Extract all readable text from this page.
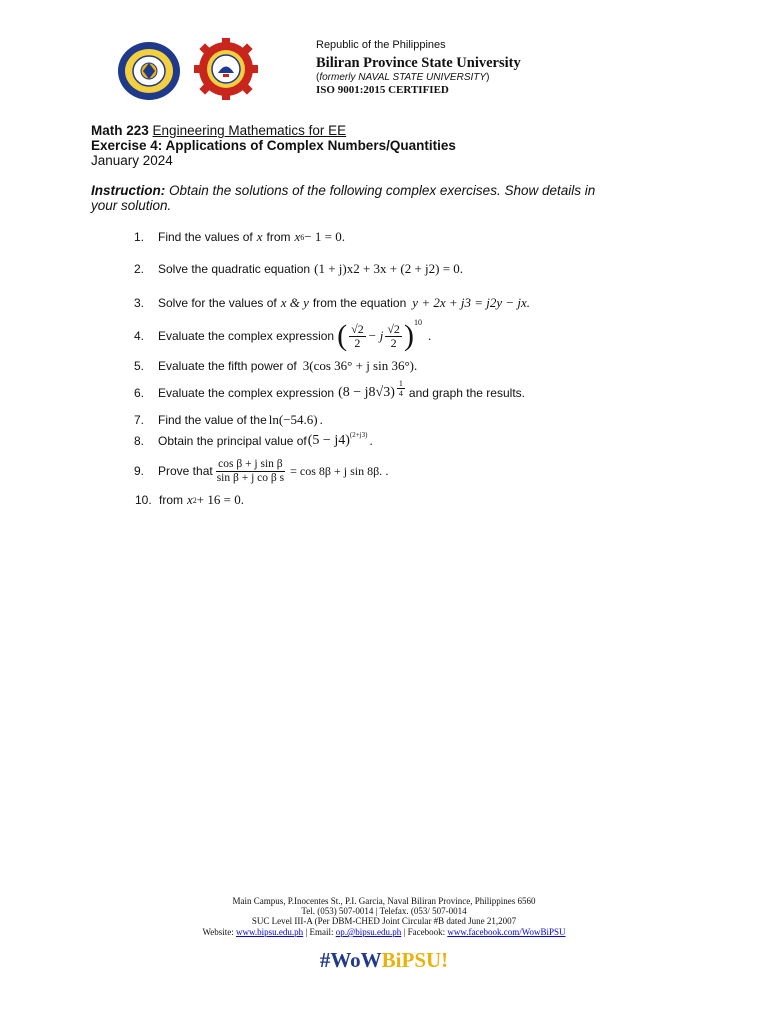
Republic of the Philippines
Biliran Province State University
(formerly NAVAL STATE UNIVERSITY)
ISO 9001:2015 CERTIFIED
Math 223 Engineering Mathematics for EE
Exercise 4: Applications of Complex Numbers/Quantities
January 2024
Instruction: Obtain the solutions of the following complex exercises. Show details in
your solution.
1.	Find the values of x from x 6 − 1 = 0.
2.	Solve the quadratic equation (1 + j)x2 + 3x + (2 + j2) = 0.
3.	Solve for the values of x & y from the equation y + 2x + j3 = j2y − jx.
4.	Evaluate the complex expression ( $\frac{√2}{2} - j \frac{√2}{2} )^{10}$
.
5.	Evaluate the fifth power of 3(cos 36° + j sin 36°).
6.	Evaluate the complex expression $(8 - j8√3) \frac{1}{4}$ and graph the results.
7.	Find the value of the ln(−54.6) .
8.	Obtain the principal value of $(5 - j4)^{(2+j3)}$ .
9.	Prove that $\frac{\text{cos β + j sin β}}{\text{sin β + j co β s}} = \cos 8\beta + j$ sin 8β. .
10. from x 2 + 16 = 0.
Main Campus, P.Inocentes St., P.I. Garcia, Naval Biliran Province, Philippines 6560
Tel. (053) 507-0014 | Telefax. (053/ 507-0014
SUC Level III-A (Per DBM-CHED Joint Circular #B dated June 21,2007
Website: www.bipsu.edu.ph | Email: op.@bipsu.edu.ph | Facebook: www.facebook.com/WowBiPSU
#WoWBiPSU!
